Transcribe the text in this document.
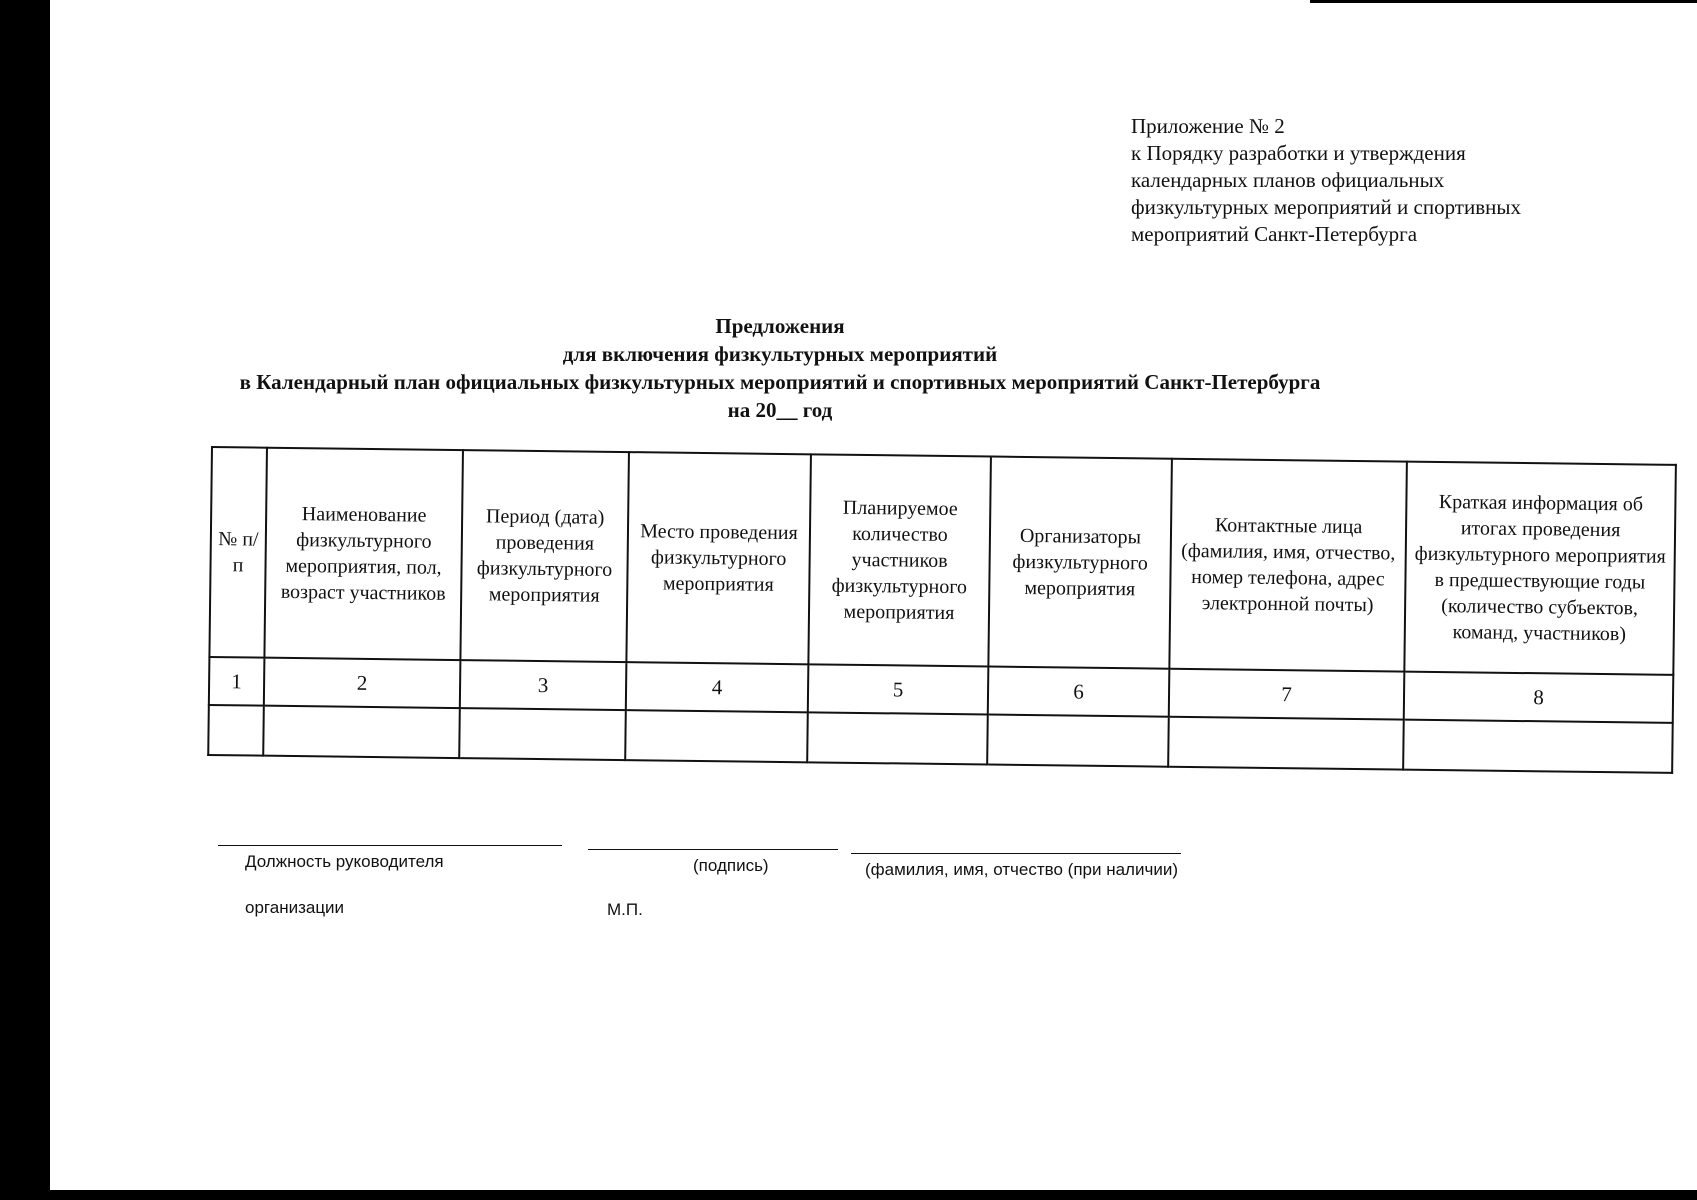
Приложение № 2
к Порядку разработки и утверждения
календарных планов официальных
физкультурных мероприятий и спортивных
мероприятий Санкт-Петербурга
Предложения
для включения физкультурных мероприятий
в Календарный план официальных физкультурных мероприятий и спортивных мероприятий Санкт-Петербурга
на 20__ год
№ п/п	Наименование физкультурного мероприятия, пол, возраст участников	Период (дата) проведения физкультурного мероприятия	Место проведения физкультурного мероприятия	Планируемое количество участников физкультурного мероприятия	Организаторы физкультурного мероприятия	Контактные лица (фамилия, имя, отчество, номер телефона, адрес электронной почты)	Краткая информация об итогах проведения физкультурного мероприятия в предшествующие годы (количество субъектов, команд, участников)
1	2	3	4	5	6	7	8

Должность руководителя
организации
(подпись)	(фамилия, имя, отчество (при наличии)
М.П.
